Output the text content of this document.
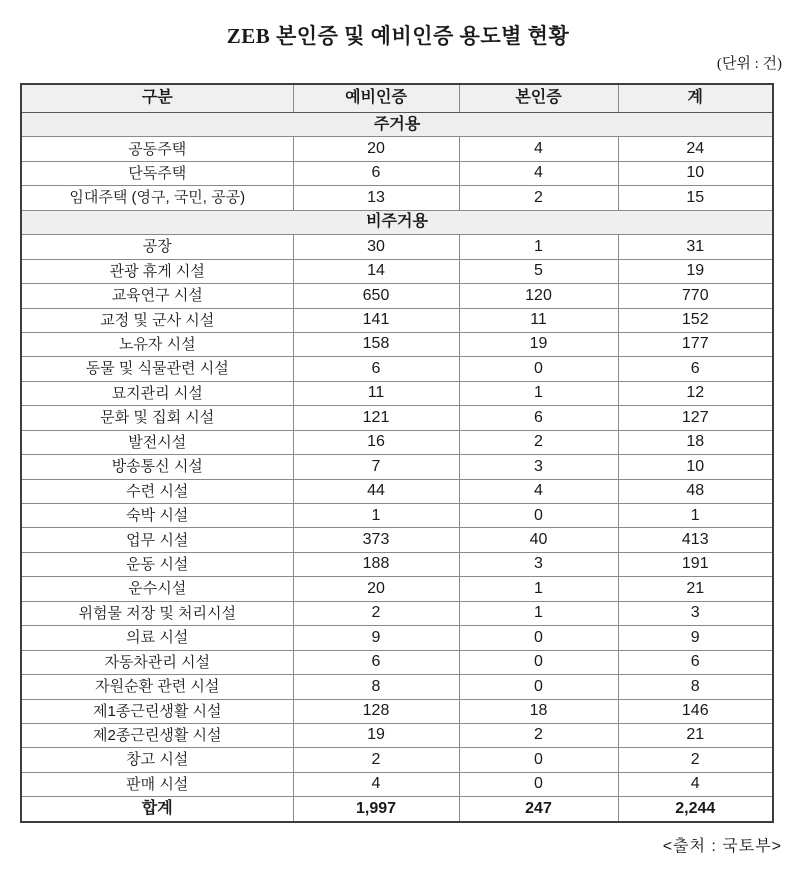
ZEB 본인증 및 예비인증 용도별 현황
(단위 : 건)
구분	예비인증	본인증	계
주거용			
공동주택	20	4	24
단독주택	6	4	10
임대주택 (영구, 국민, 공공)	13	2	15
비주거용			
공장	30	1	31
관광 휴게 시설	14	5	19
교육연구 시설	650	120	770
교정 및 군사 시설	141	11	152
노유자 시설	158	19	177
동물 및 식물관련 시설	6	0	6
묘지관리 시설	11	1	12
문화 및 집회 시설	121	6	127
발전시설	16	2	18
방송통신 시설	7	3	10
수련 시설	44	4	48
숙박 시설	1	0	1
업무 시설	373	40	413
운동 시설	188	3	191
운수시설	20	1	21
위험물 저장 및 처리시설	2	1	3
의료 시설	9	0	9
자동차관리 시설	6	0	6
자원순환 관련 시설	8	0	8
제1종근린생활 시설	128	18	146
제2종근린생활 시설	19	2	21
창고 시설	2	0	2
판매 시설	4	0	4
합계	1,997	247	2,244
<출처 : 국토부>
